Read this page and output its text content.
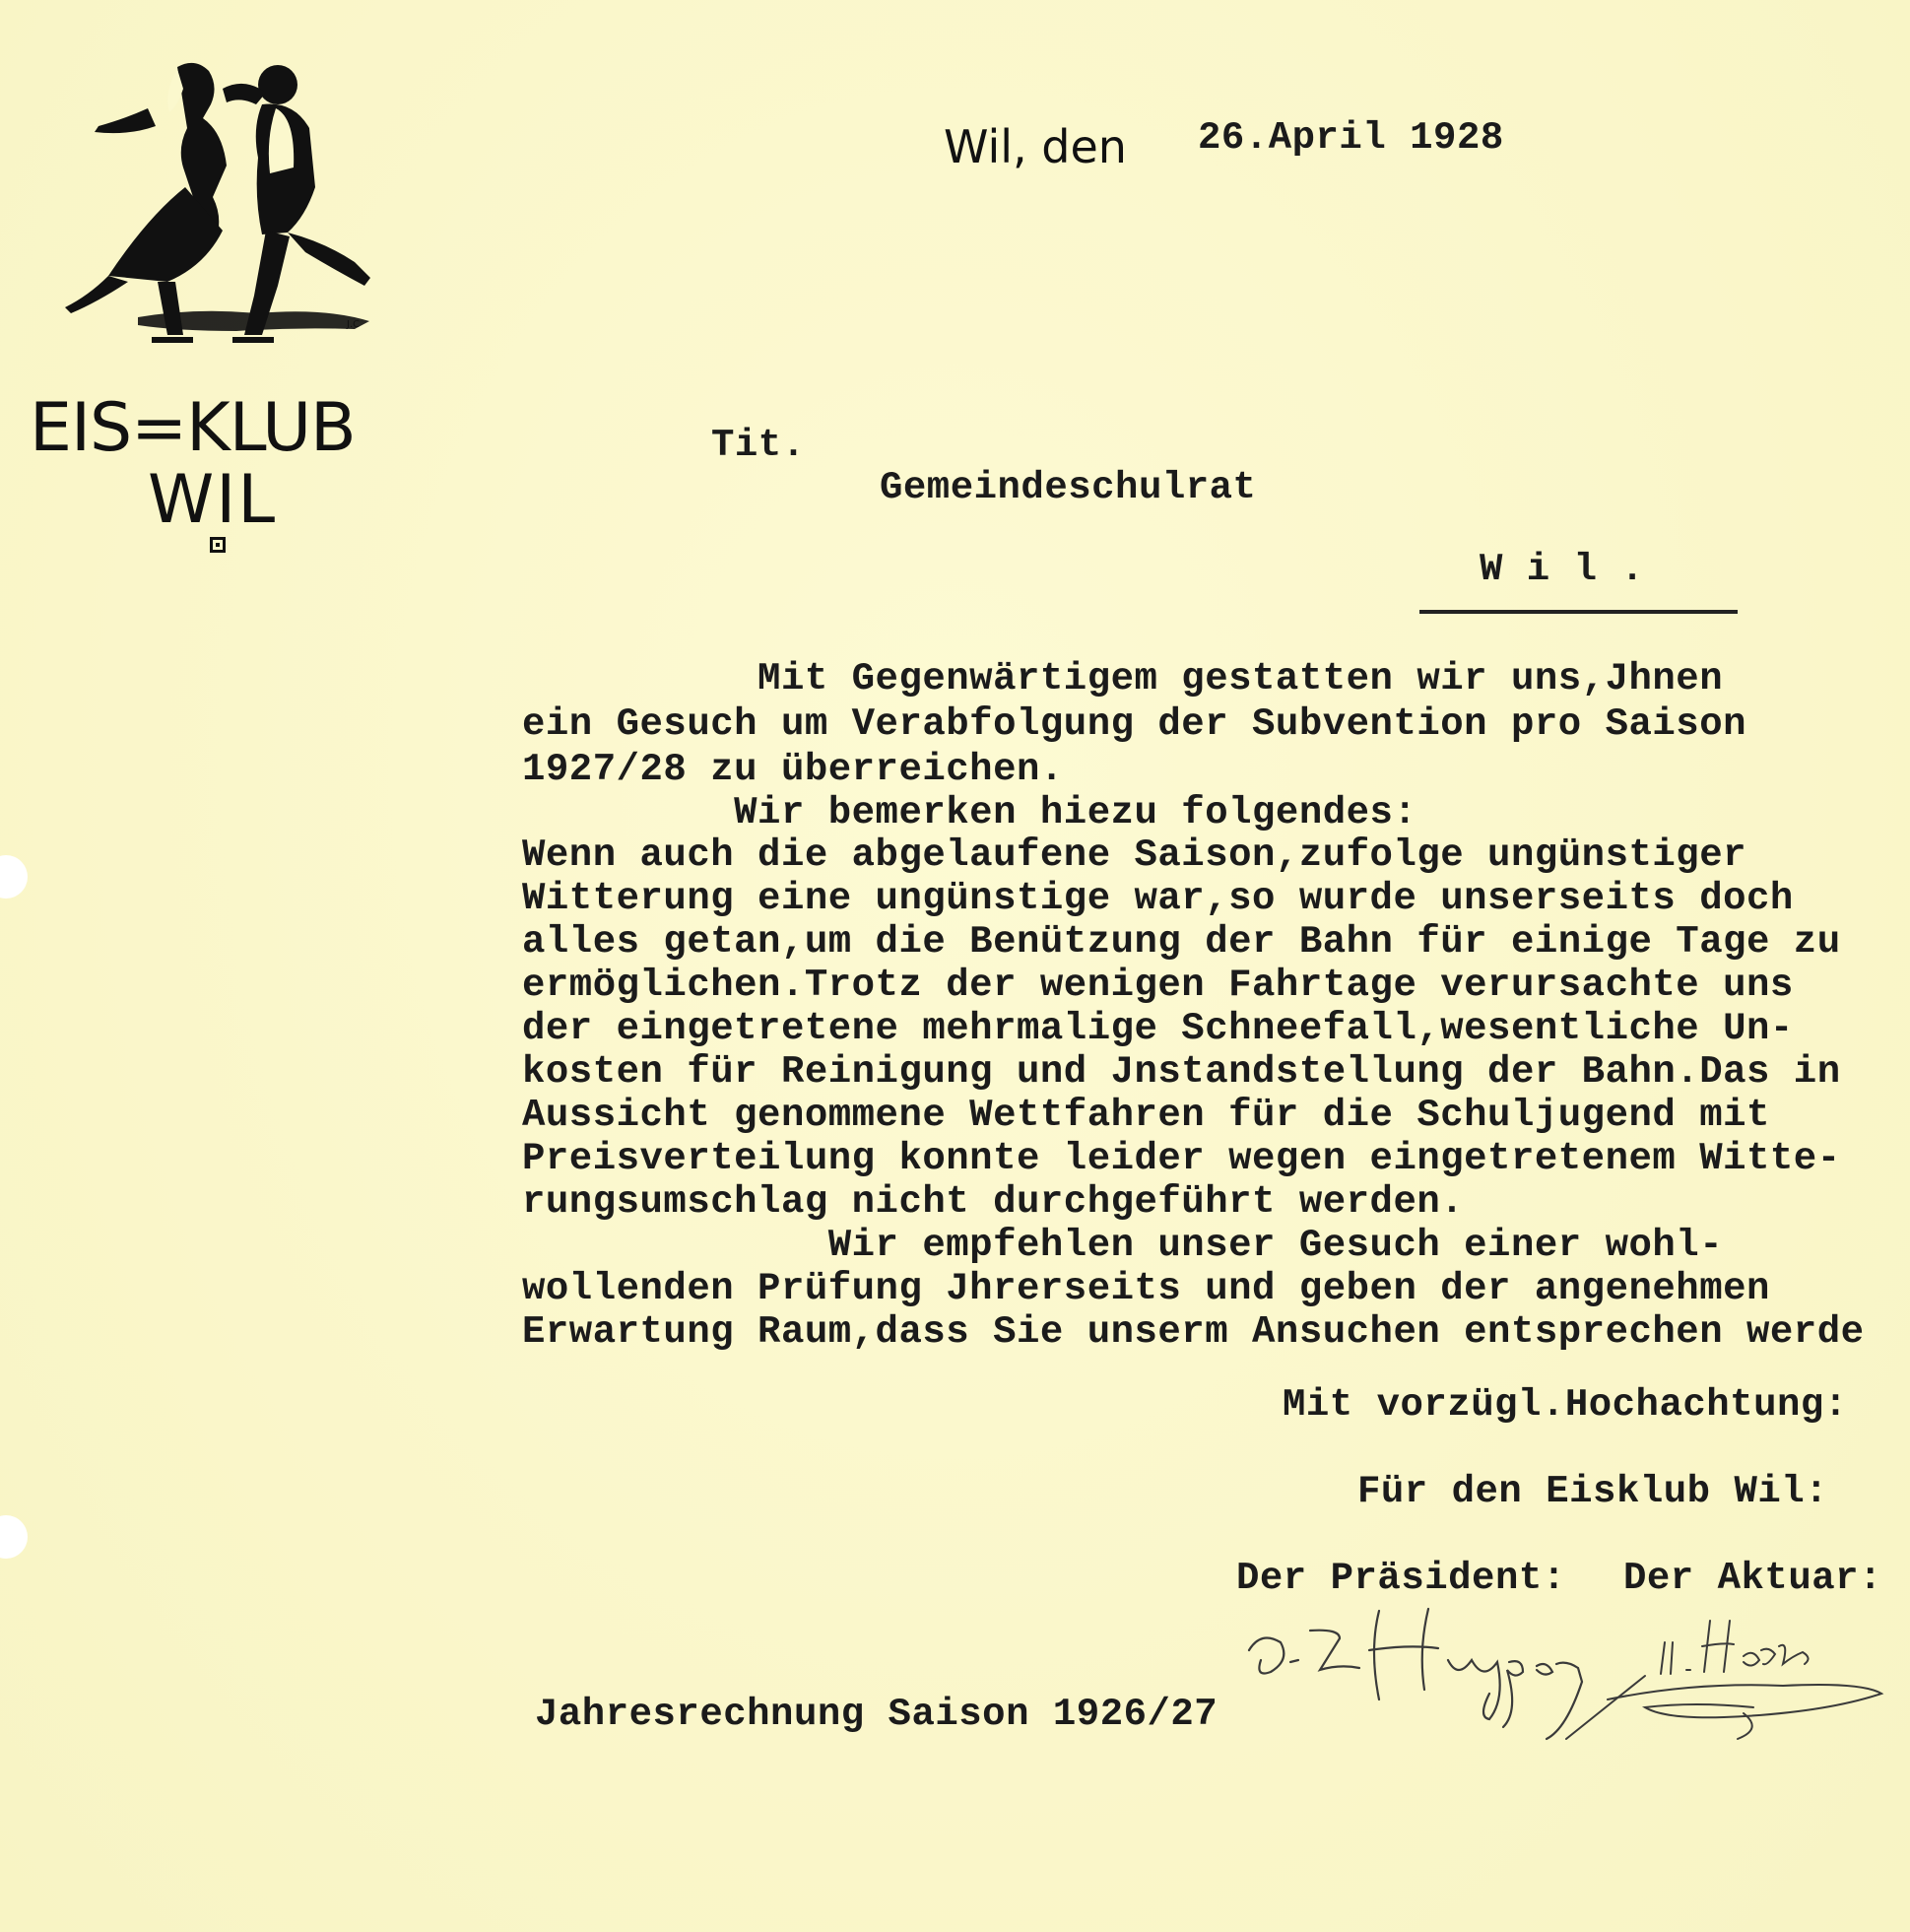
J.C
EIS=KLUB
WIL
Wil, den 26.April 1928
Tit.
Gemeindeschulrat
W i l .
Mit Gegenwärtigem gestatten wir uns,Jhnen
ein Gesuch um Verabfolgung der Subvention pro Saison
1927/28 zu überreichen.
Wir bemerken hiezu folgendes:
Wenn auch die abgelaufene Saison,zufolge ungünstiger
Witterung eine ungünstige war,so wurde unserseits doch
alles getan,um die Benützung der Bahn für einige Tage zu
ermöglichen.Trotz der wenigen Fahrtage verursachte uns
der eingetretene mehrmalige Schneefall,wesentliche Un-
kosten für Reinigung und Jnstandstellung der Bahn.Das in
Aussicht genommene Wettfahren für die Schuljugend mit
Preisverteilung konnte leider wegen eingetretenem Witte-
rungsumschlag nicht durchgeführt werden.
Wir empfehlen unser Gesuch einer wohl-
wollenden Prüfung Jhrerseits und geben der angenehmen
Erwartung Raum,dass Sie unserm Ansuchen entsprechen werde
Mit vorzügl.Hochachtung:
Für den Eisklub Wil:
Der Präsident: Der Aktuar:
Jahresrechnung Saison 1926/27
